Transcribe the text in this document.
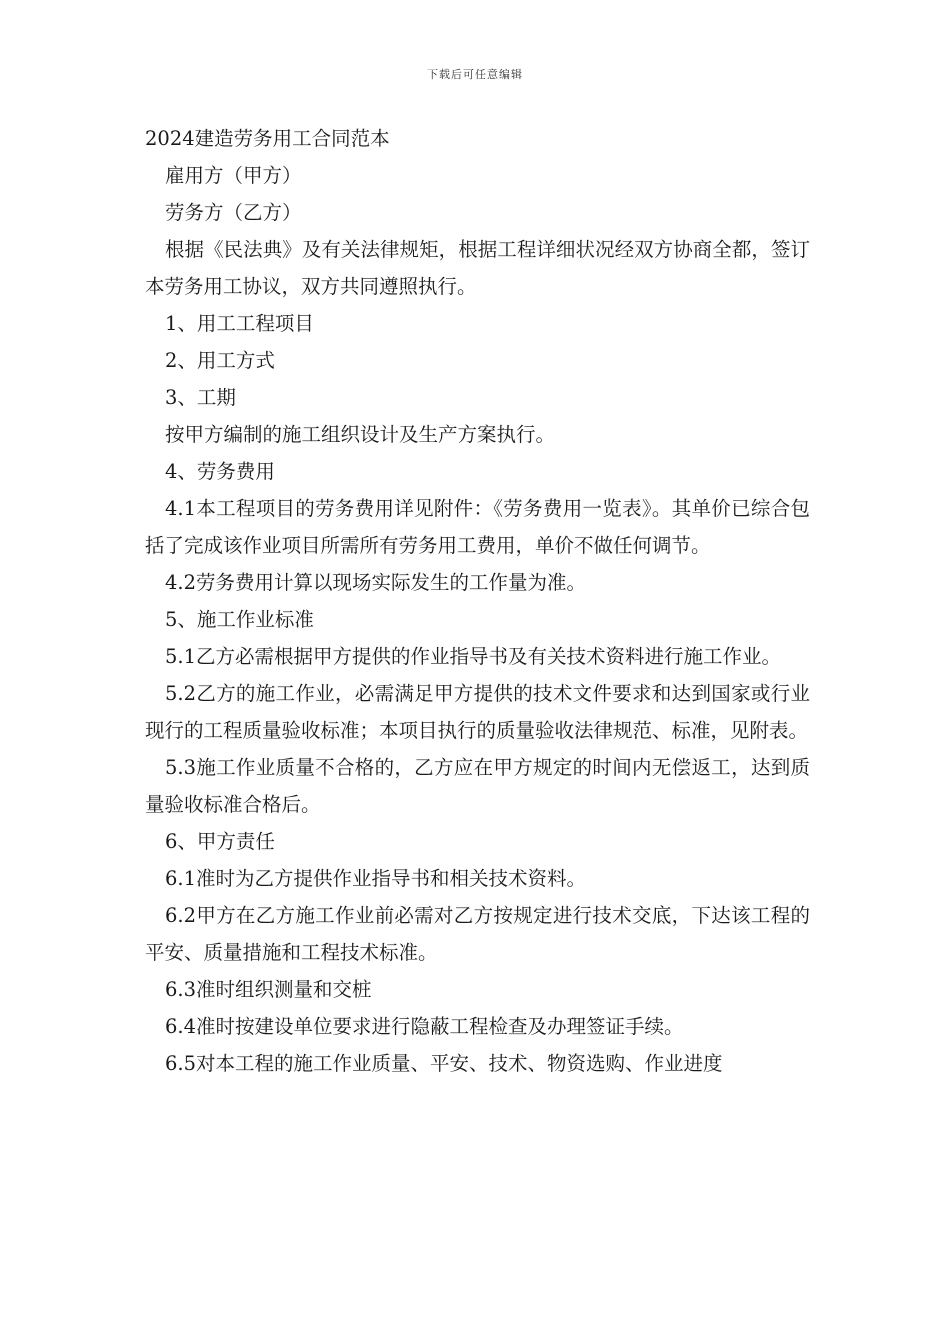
下载后可任意编辑

2024建造劳务用工合同范本

雇用方（甲方）

劳务方（乙方）

根据《民法典》及有关法律规矩，根据工程详细状况经双方协商全都，签订本劳务用工协议，双方共同遵照执行。

1、用工工程项目

2、用工方式

3、工期

按甲方编制的施工组织设计及生产方案执行。

4、劳务费用

4.1本工程项目的劳务费用详见附件：《劳务费用一览表》。其单价已综合包括了完成该作业项目所需所有劳务用工费用，单价不做任何调节。

4.2劳务费用计算以现场实际发生的工作量为准。

5、施工作业标准

5.1乙方必需根据甲方提供的作业指导书及有关技术资料进行施工作业。

5.2乙方的施工作业，必需满足甲方提供的技术文件要求和达到国家或行业现行的工程质量验收标准；本项目执行的质量验收法律规范、标准，见附表。

5.3施工作业质量不合格的，乙方应在甲方规定的时间内无偿返工，达到质量验收标准合格后。

6、甲方责任

6.1准时为乙方提供作业指导书和相关技术资料。

6.2甲方在乙方施工作业前必需对乙方按规定进行技术交底，下达该工程的平安、质量措施和工程技术标准。

6.3准时组织测量和交桩

6.4准时按建设单位要求进行隐蔽工程检查及办理签证手续。

6.5对本工程的施工作业质量、平安、技术、物资选购、作业进度
